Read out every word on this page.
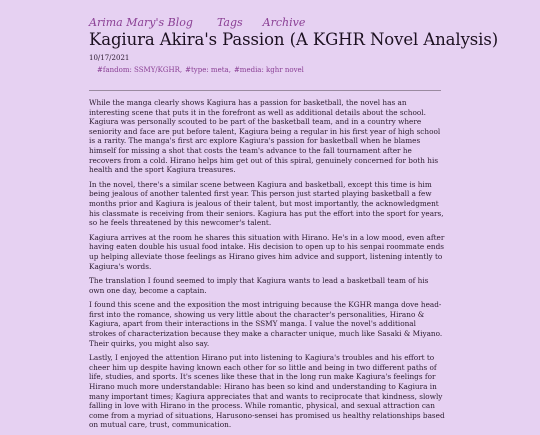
Arima Mary's Blog Tags Archive
Kagiura Akira's Passion (A KGHR Novel Analysis)
10/17/2021
#fandom: SSMY/KGHR, #type: meta, #media: kghr novel

While the manga clearly shows Kagiura has a passion for basketball, the novel has an interesting scene that puts it in the forefront as well as additional details about the school. Kagiura was personally scouted to be part of the basketball team, and in a country where seniority and face are put before talent, Kagiura being a regular in his first year of high school is a rarity. The manga's first arc explore Kagiura's passion for basketball when he blames himself for missing a shot that costs the team's advance to the fall tournament after he recovers from a cold. Hirano helps him get out of this spiral, genuinely concerned for both his health and the sport Kagiura treasures.

In the novel, there's a similar scene between Kagiura and basketball, except this time is him being jealous of another talented first year. This person just started playing basketball a few months prior and Kagiura is jealous of their talent, but most importantly, the acknowledgment his classmate is receiving from their seniors. Kagiura has put the effort into the sport for years, so he feels threatened by this newcomer's talent.

Kagiura arrives at the room he shares this situation with Hirano. He's in a low mood, even after having eaten double his usual food intake. His decision to open up to his senpai roommate ends up helping alleviate those feelings as Hirano gives him advice and support, listening intently to Kagiura's words.

The translation I found seemed to imply that Kagiura wants to lead a basketball team of his own one day, become a captain.

I found this scene and the exposition the most intriguing because the KGHR manga dove head-first into the romance, showing us very little about the character's personalities, Hirano & Kagiura, apart from their interactions in the SSMY manga. I value the novel's additional strokes of characterization because they make a character unique, much like Sasaki & Miyano. Their quirks, you might also say.

Lastly, I enjoyed the attention Hirano put into listening to Kagiura's troubles and his effort to cheer him up despite having known each other for so little and being in two different paths of life, studies, and sports. It's scenes like these that in the long run make Kagiura's feelings for Hirano much more understandable: Hirano has been so kind and understanding to Kagiura in many important times; Kagiura appreciates that and wants to reciprocate that kindness, slowly falling in love with Hirano in the process. While romantic, physical, and sexual attraction can come from a myriad of situations, Harusono-sensei has promised us healthy relationships based on mutual care, trust, communication.
